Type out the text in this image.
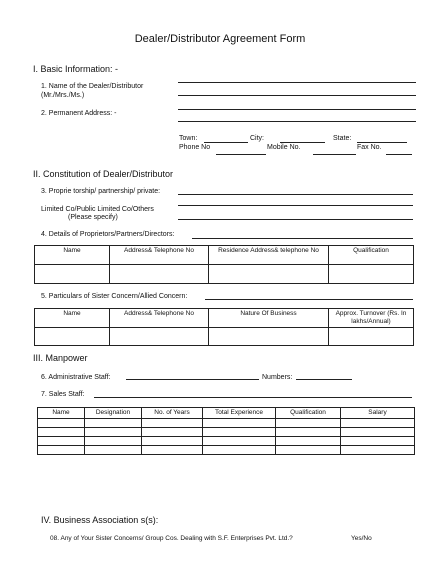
Dealer/Distributor Agreement Form
I. Basic Information: -
1. Name of the Dealer/Distributor
(Mr./Mrs./Ms.)
2. Permanent Address: -
Town:	City:	State:
Phone No	Mobile No.	Fax No.
II. Constitution of Dealer/Distributor
3. Proprie torship/ partnership/ private:
Limited Co/Public Limited Co/Others
(Please specify)
4. Details of Proprietors/Partners/Directors:
Name	Address& Telephone No	Residence Address& telephone No	Qualification

5. Particulars of Sister Concern/Allied Concern:
Name	Address& Telephone No	Nature Of Business	Approx. Turnover (Rs. In lakhs/Annual)

III. Manpower
6. Administrative Staff:	Numbers:
7. Sales Staff:
Name	Designation	No. of Years	Total Experience	Qualification	Salary

IV. Business Association s(s):
08. Any of Your Sister Concerns/ Group Cos. Dealing with S.F. Enterprises Pvt. Ltd.?	Yes/No
